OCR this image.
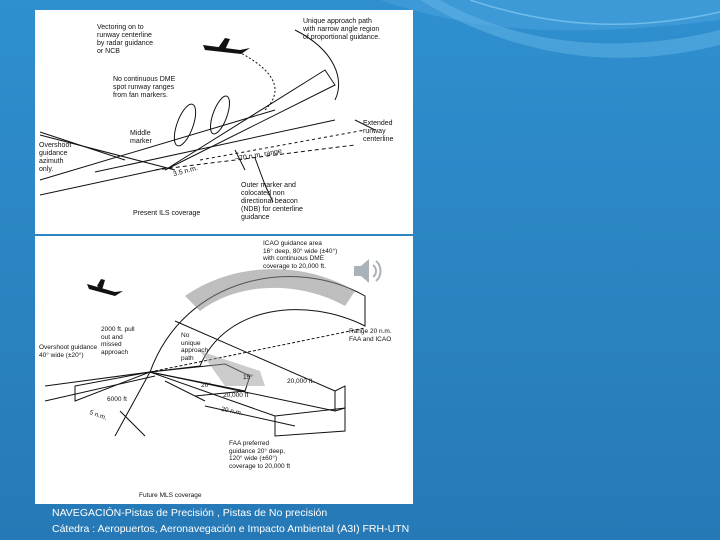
Vectoring on to
runway centerline
by radar guidance
or NCB
Unique approach path
with narrow angle region
of proportional guidance.
No continuous DME
spot runway ranges
from fan markers.
Middle
marker
Overshoot
guidance
azimuth
only.
Extended
runway
centerline
~70 n.m. range
3.5 n.m.
Outer marker and
colocated non
directional beacon
(NDB) for centerline
guidance
Present ILS coverage
ICAO guidance area
16° deep, 80° wide (±40°)
with continuous DME
coverage to 20,000 ft.
2000 ft. pull
out and
missed
approach
No
unique
approach
path
Overshoot guidance
40° wide (±20°)
Range 20 n.m.
FAA and ICAO
15°
20°
20,000 ft.
20,000 ft
6000 ft
20 n.m.
5 n.m.
FAA preferred
guidance 20° deep,
120° wide (±60°)
coverage to 20,000 ft
Future MLS coverage
NAVEGACIÓN-Pistas de Precisión , Pistas de No precisión
Cátedra : Aeropuertos, Aeronavegación e Impacto Ambiental (A3I) FRH-UTN
